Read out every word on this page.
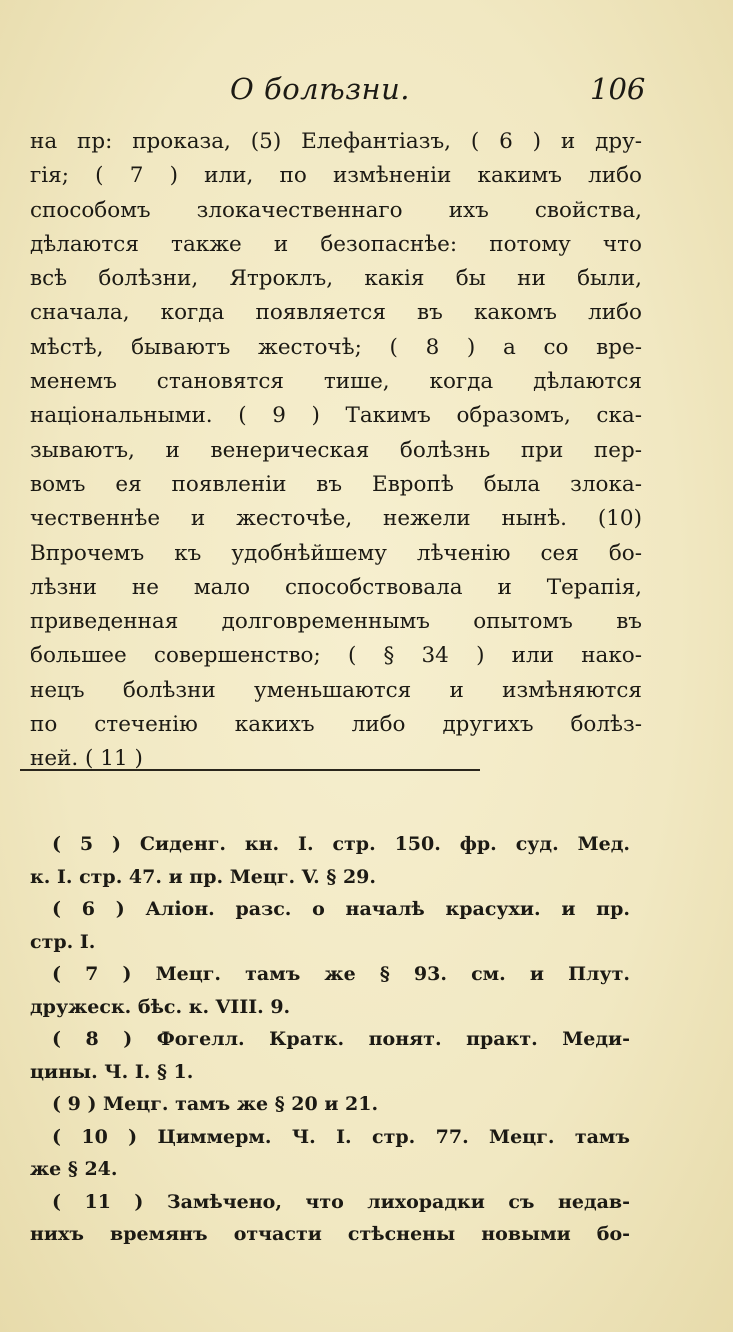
О болѣзни.	106
на пр: проказа, (5) Елефантіазъ, ( 6 ) и дру-
гія; ( 7 ) или, по измѣненіи какимъ либо
способомъ злокачественнаго ихъ свойства,
дѣлаются также и безопаснѣе: потому что
всѣ болѣзни, Ятроклъ, какія бы ни были,
сначала, когда появляется въ какомъ либо
мѣстѣ, бываютъ жесточѣ; ( 8 ) а со вре-
менемъ становятся тише, когда дѣлаются
національными. ( 9 ) Такимъ образомъ, ска-
зываютъ, и венерическая болѣзнь при пер-
вомъ ея появленіи въ Европѣ была злока-
чественнѣе и жесточѣе, нежели нынѣ. (10)
Впрочемъ къ удобнѣйшему лѣченію сея бо-
лѣзни не мало способствовала и Терапія,
приведенная долговременнымъ опытомъ въ
большее совершенство; ( § 34 ) или нако-
нецъ болѣзни уменьшаются и измѣняются
по стеченію какихъ либо другихъ болѣз-
ней. ( 11 )
( 5 ) Сиденг. кн. I. стр. 150. фр. суд. Мед.
к. I. стр. 47. и пр. Мецг. V. § 29.
( 6 ) Аліон. разс. о началѣ красухи. и пр.
стр. I.
( 7 ) Мецг. тамъ же § 93. см. и Плут.
дружеск. бѣс. к. VIII. 9.
( 8 ) Фогелл. Кратк. понят. практ. Меди-
цины. Ч. I. § 1.
( 9 ) Мецг. тамъ же § 20 и 21.
( 10 ) Циммерм. Ч. I. стр. 77. Мецг. тамъ
же § 24.
( 11 ) Замѣчено, что лихорадки съ недав-
нихъ времянъ отчасти стѣснены новыми бо-
